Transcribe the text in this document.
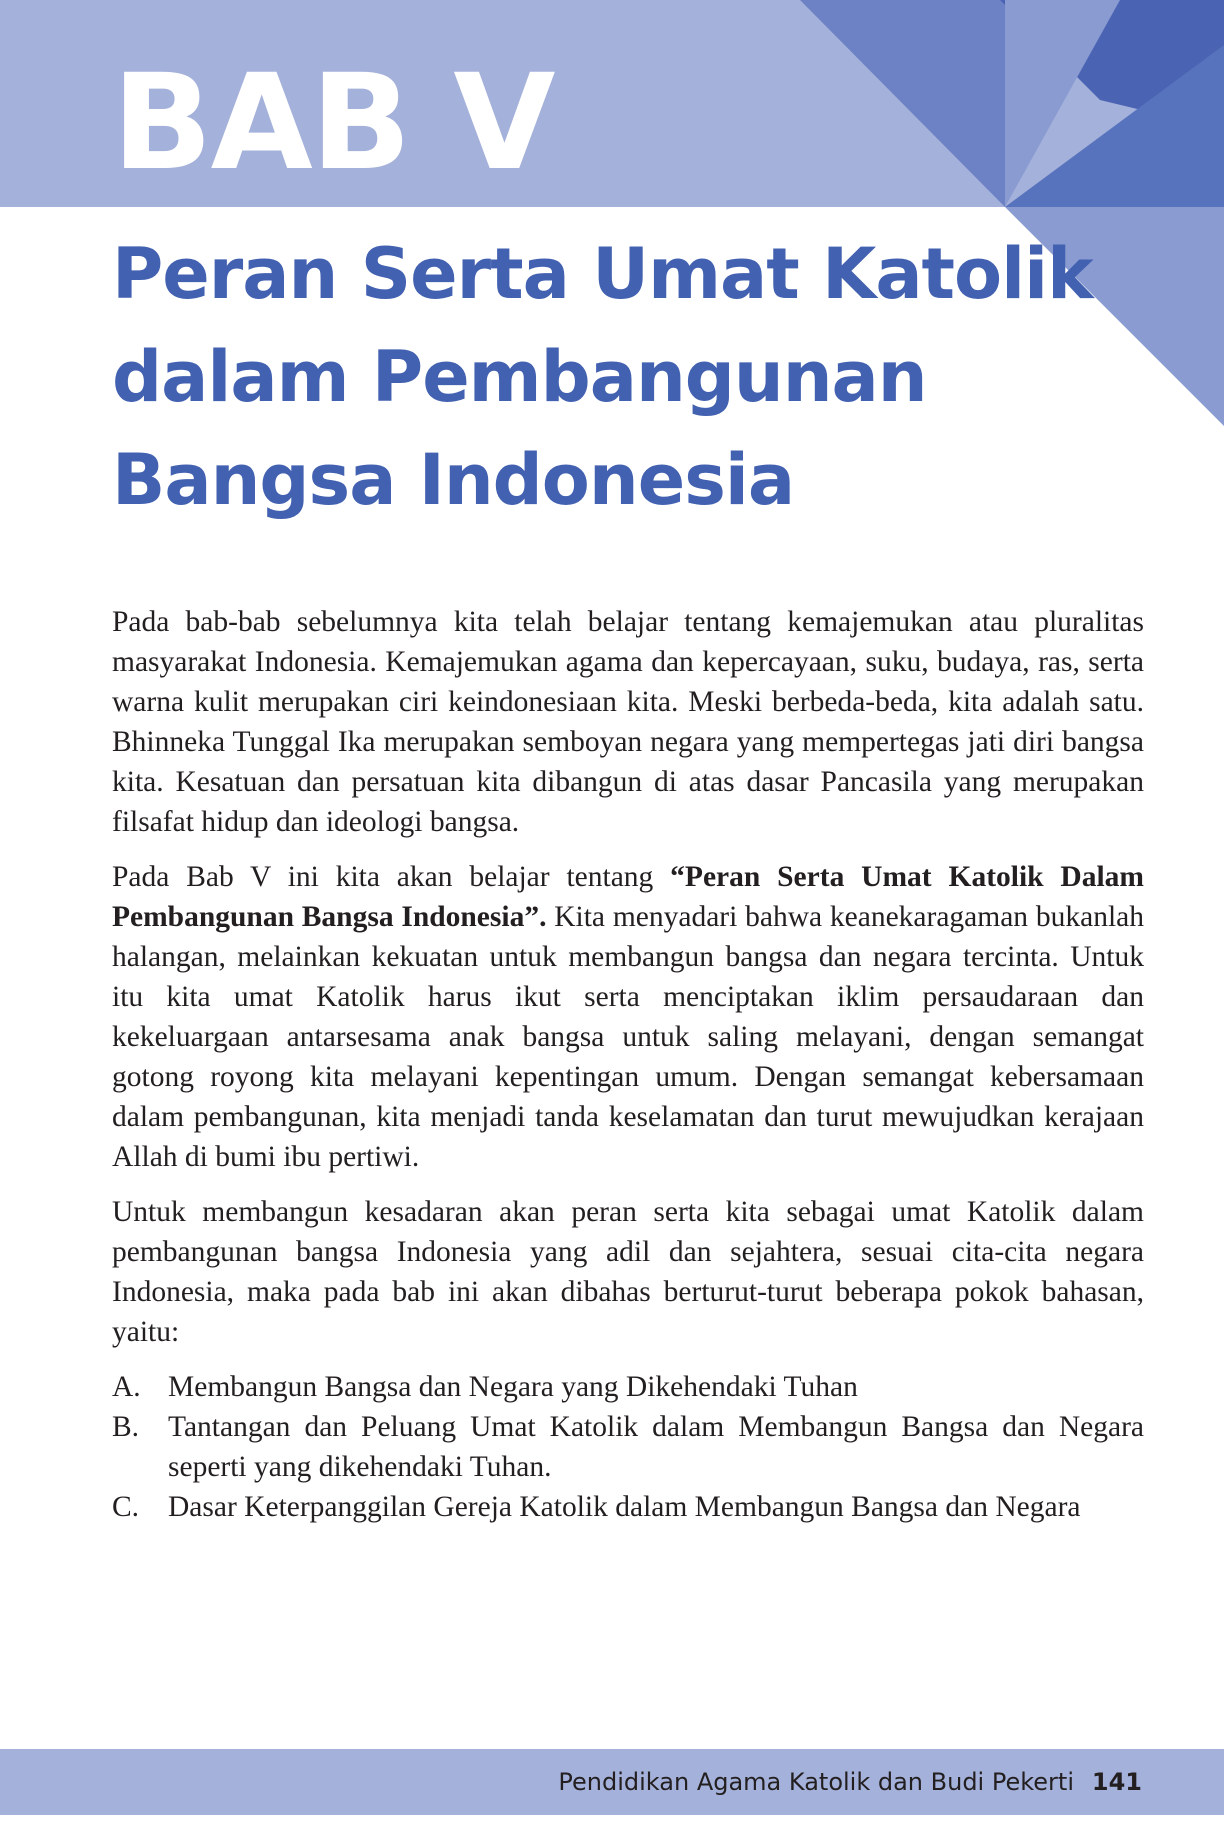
BAB V
Peran Serta Umat Katolik
dalam Pembangunan
Bangsa Indonesia

Pada bab-bab sebelumnya kita telah belajar tentang kemajemukan atau pluralitas masyarakat Indonesia. Kemajemukan agama dan kepercayaan, suku, budaya, ras, serta warna kulit merupakan ciri keindonesiaan kita. Meski berbeda-beda, kita adalah satu. Bhinneka Tunggal Ika merupakan semboyan negara yang mempertegas jati diri bangsa kita. Kesatuan dan persatuan kita dibangun di atas dasar Pancasila yang merupakan filsafat hidup dan ideologi bangsa.

Pada Bab V ini kita akan belajar tentang “Peran Serta Umat Katolik Dalam Pembangunan Bangsa Indonesia”. Kita menyadari bahwa keanekaragaman bukanlah halangan, melainkan kekuatan untuk membangun bangsa dan negara tercinta. Untuk itu kita umat Katolik harus ikut serta menciptakan iklim persaudaraan dan kekeluargaan antarsesama anak bangsa untuk saling melayani, dengan semangat gotong royong kita melayani kepentingan umum. Dengan semangat kebersamaan dalam pembangunan, kita menjadi tanda keselamatan dan turut mewujudkan kerajaan Allah di bumi ibu pertiwi.

Untuk membangun kesadaran akan peran serta kita sebagai umat Katolik dalam pembangunan bangsa Indonesia yang adil dan sejahtera, sesuai cita-cita negara Indonesia, maka pada bab ini akan dibahas berturut-turut beberapa pokok bahasan, yaitu:

A. Membangun Bangsa dan Negara yang Dikehendaki Tuhan
B. Tantangan dan Peluang Umat Katolik dalam Membangun Bangsa dan Negara seperti yang dikehendaki Tuhan.
C. Dasar Keterpanggilan Gereja Katolik dalam Membangun Bangsa dan Negara
Pendidikan Agama Katolik dan Budi Pekerti 141
